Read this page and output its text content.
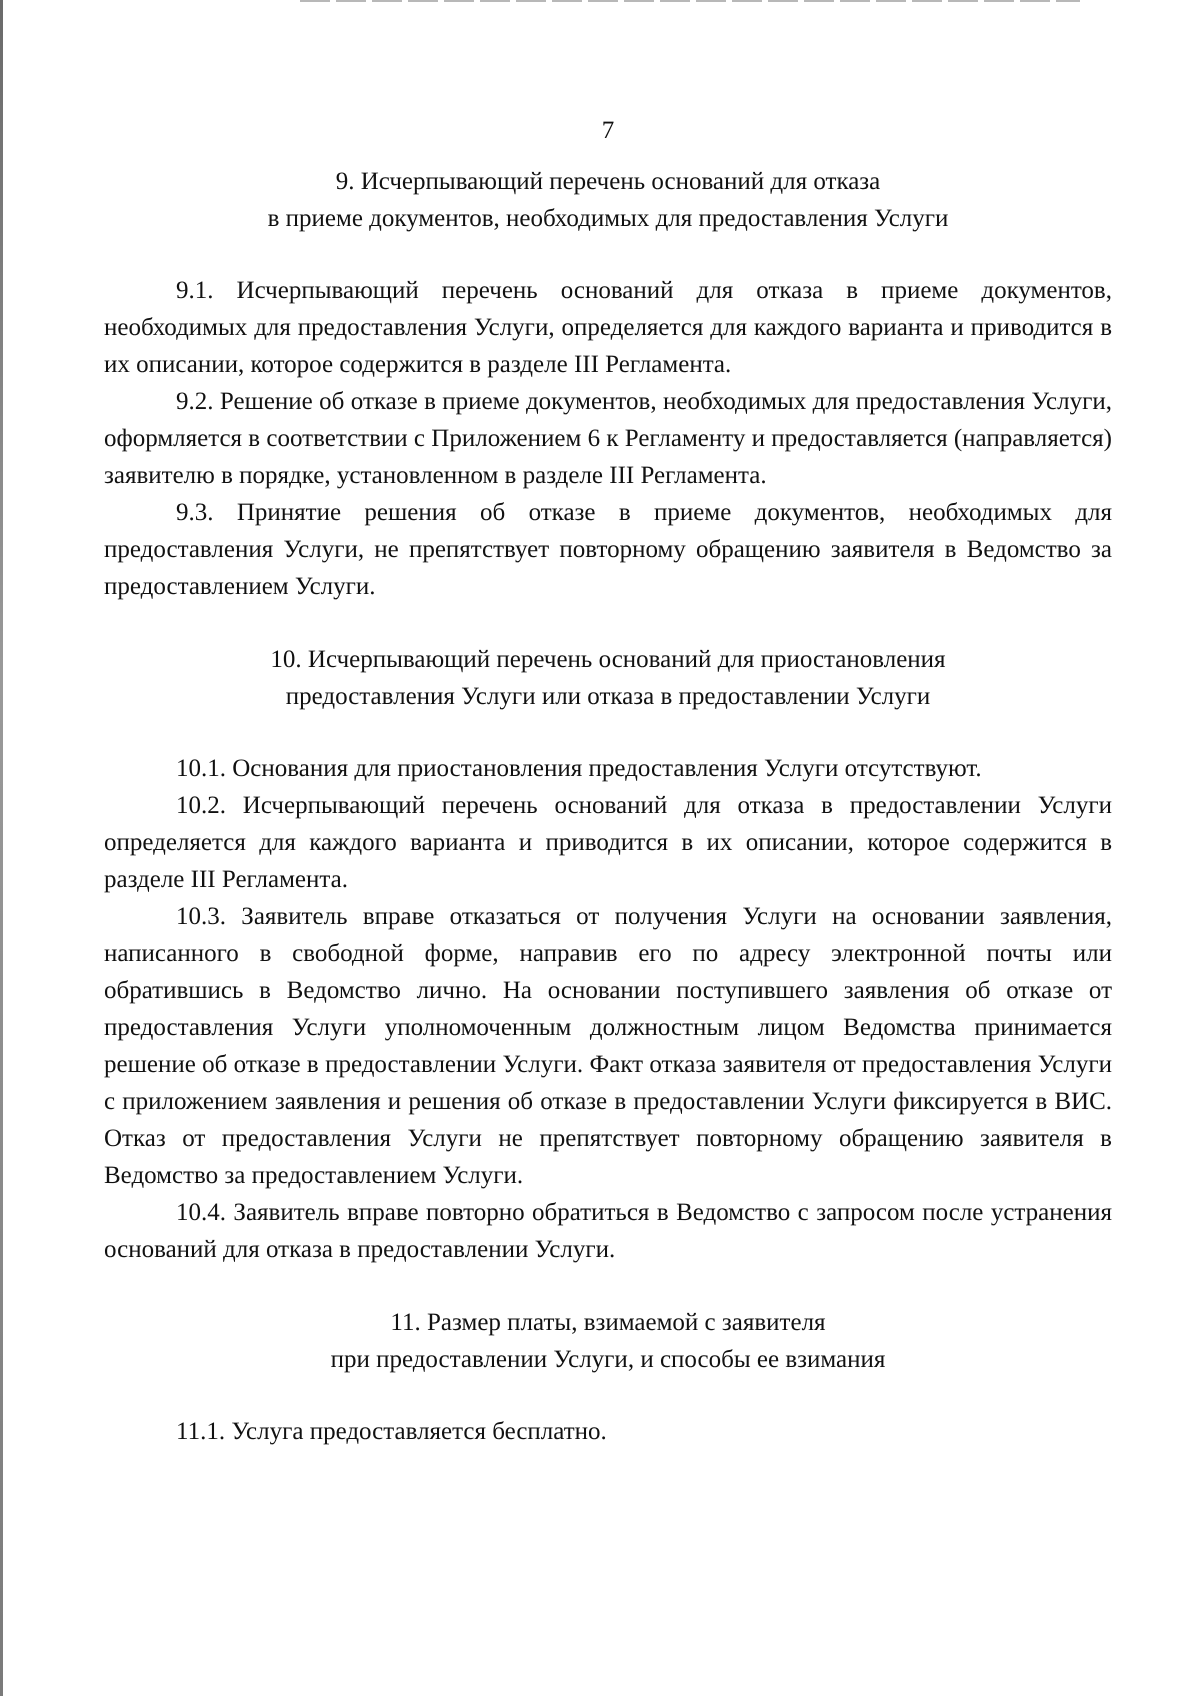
7

9. Исчерпывающий перечень оснований для отказа

в приеме документов, необходимых для предоставления Услуги

9.1. Исчерпывающий перечень оснований для отказа в приеме документов, необходимых для предоставления Услуги, определяется для каждого варианта и приводится в их описании, которое содержится в разделе III Регламента.

9.2. Решение об отказе в приеме документов, необходимых для предоставления Услуги, оформляется в соответствии с Приложением 6 к Регламенту и предоставляется (направляется) заявителю в порядке, установленном в разделе III Регламента.

9.3. Принятие решения об отказе в приеме документов, необходимых для предоставления Услуги, не препятствует повторному обращению заявителя в Ведомство за предоставлением Услуги.

10. Исчерпывающий перечень оснований для приостановления

предоставления Услуги или отказа в предоставлении Услуги

10.1. Основания для приостановления предоставления Услуги отсутствуют.

10.2. Исчерпывающий перечень оснований для отказа в предоставлении Услуги определяется для каждого варианта и приводится в их описании, которое содержится в разделе III Регламента.

10.3. Заявитель вправе отказаться от получения Услуги на основании заявления, написанного в свободной форме, направив его по адресу электронной почты или обратившись в Ведомство лично. На основании поступившего заявления об отказе от предоставления Услуги уполномоченным должностным лицом Ведомства принимается решение об отказе в предоставлении Услуги. Факт отказа заявителя от предоставления Услуги с приложением заявления и решения об отказе в предоставлении Услуги фиксируется в ВИС. Отказ от предоставления Услуги не препятствует повторному обращению заявителя в Ведомство за предоставлением Услуги.

10.4. Заявитель вправе повторно обратиться в Ведомство с запросом после устранения оснований для отказа в предоставлении Услуги.

11. Размер платы, взимаемой с заявителя

при предоставлении Услуги, и способы ее взимания

11.1. Услуга предоставляется бесплатно.
